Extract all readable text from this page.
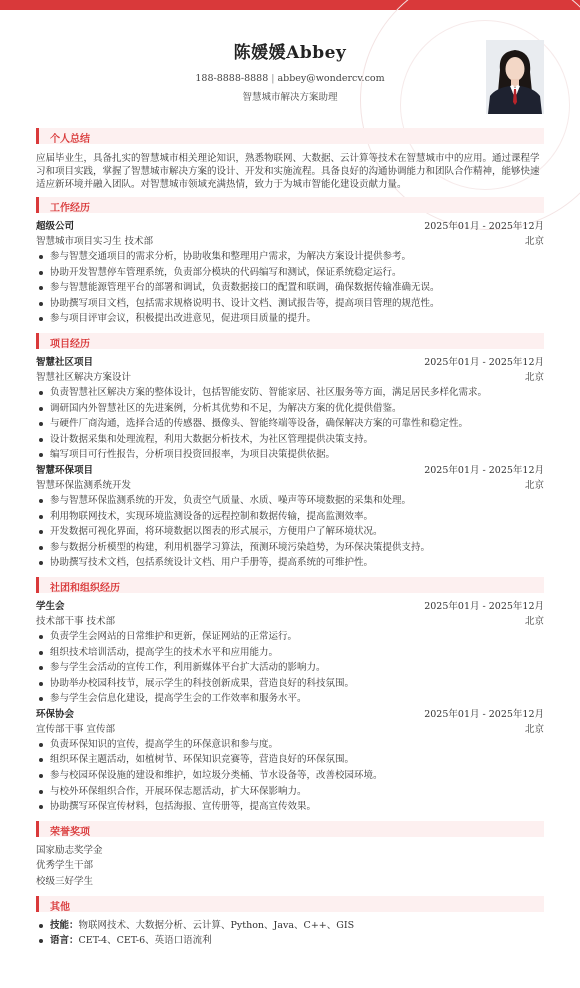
陈媛媛Abbey
188-8888-8888 | abbey@wondercv.com
智慧城市解决方案助理
个人总结
应届毕业生，具备扎实的智慧城市相关理论知识，熟悉物联网、大数据、云计算等技术在智慧城市中的应用。通过课程学习和项目实践，掌握了智慧城市解决方案的设计、开发和实施流程。具备良好的沟通协调能力和团队合作精神，能够快速适应新环境并融入团队。对智慧城市领域充满热情，致力于为城市智能化建设贡献力量。
工作经历
超级公司	2025年01月 - 2025年12月
智慧城市项目实习生 技术部	北京
参与智慧交通项目的需求分析，协助收集和整理用户需求，为解决方案设计提供参考。
协助开发智慧停车管理系统，负责部分模块的代码编写和测试，保证系统稳定运行。
参与智慧能源管理平台的部署和调试，负责数据接口的配置和联调，确保数据传输准确无误。
协助撰写项目文档，包括需求规格说明书、设计文档、测试报告等，提高项目管理的规范性。
参与项目评审会议，积极提出改进意见，促进项目质量的提升。
项目经历
智慧社区项目	2025年01月 - 2025年12月
智慧社区解决方案设计	北京
负责智慧社区解决方案的整体设计，包括智能安防、智能家居、社区服务等方面，满足居民多样化需求。
调研国内外智慧社区的先进案例，分析其优势和不足，为解决方案的优化提供借鉴。
与硬件厂商沟通，选择合适的传感器、摄像头、智能终端等设备，确保解决方案的可靠性和稳定性。
设计数据采集和处理流程，利用大数据分析技术，为社区管理提供决策支持。
编写项目可行性报告，分析项目投资回报率，为项目决策提供依据。
智慧环保项目	2025年01月 - 2025年12月
智慧环保监测系统开发	北京
参与智慧环保监测系统的开发，负责空气质量、水质、噪声等环境数据的采集和处理。
利用物联网技术，实现环境监测设备的远程控制和数据传输，提高监测效率。
开发数据可视化界面，将环境数据以图表的形式展示，方便用户了解环境状况。
参与数据分析模型的构建，利用机器学习算法，预测环境污染趋势，为环保决策提供支持。
协助撰写技术文档，包括系统设计文档、用户手册等，提高系统的可维护性。
社团和组织经历
学生会	2025年01月 - 2025年12月
技术部干事 技术部	北京
负责学生会网站的日常维护和更新，保证网站的正常运行。
组织技术培训活动，提高学生的技术水平和应用能力。
参与学生会活动的宣传工作，利用新媒体平台扩大活动的影响力。
协助举办校园科技节，展示学生的科技创新成果，营造良好的科技氛围。
参与学生会信息化建设，提高学生会的工作效率和服务水平。
环保协会	2025年01月 - 2025年12月
宣传部干事 宣传部	北京
负责环保知识的宣传，提高学生的环保意识和参与度。
组织环保主题活动，如植树节、环保知识竞赛等，营造良好的环保氛围。
参与校园环保设施的建设和维护，如垃圾分类桶、节水设备等，改善校园环境。
与校外环保组织合作，开展环保志愿活动，扩大环保影响力。
协助撰写环保宣传材料，包括海报、宣传册等，提高宣传效果。
荣誉奖项
国家励志奖学金
优秀学生干部
校级三好学生
其他
技能：物联网技术、大数据分析、云计算、Python、Java、C++、GIS
语言：CET-4、CET-6、英语口语流利
